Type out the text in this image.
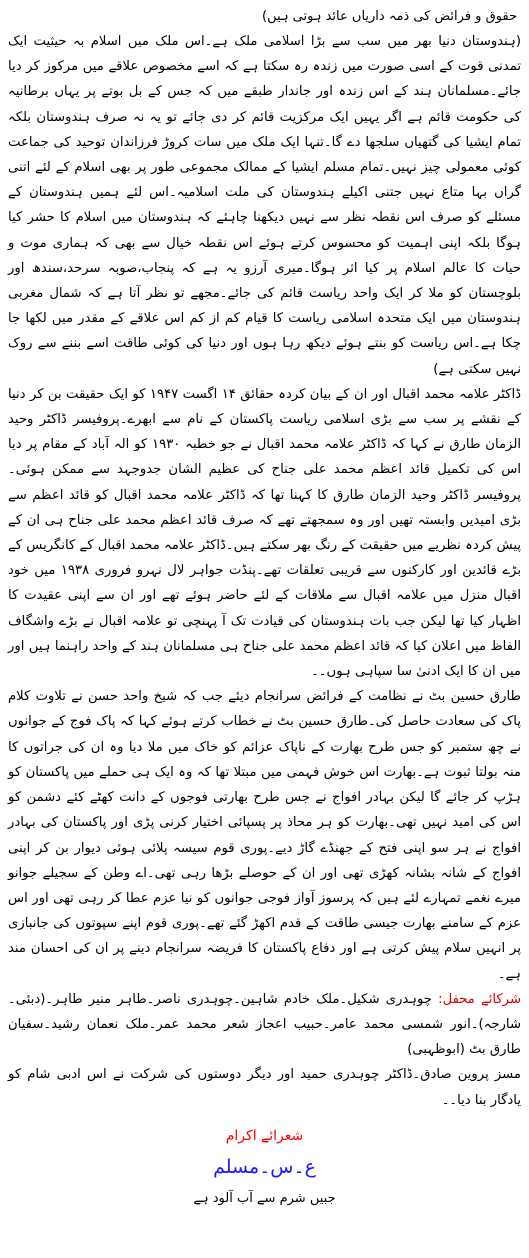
حقوق و فرائض کی ذمہ داریاں عائد ہوتی ہیں)

(ہندوستان دنیا بھر میں سب سے بڑا اسلامی ملک ہے۔اس ملک میں اسلام بہ حیثیت ایک تمدنی قوت کے اسی صورت میں زندہ رہ سکتا ہے کہ اسے مخصوص علاقے میں مرکوز کر دیا جائے۔مسلمانان ہند کے اس زندہ اور جاندار طبقے میں کہ جس کے بل بوتے پر یہاں برطانیہ کی حکومت قائم ہے اگر یہیں ایک مرکزیت قائم کر دی جائے تو یہ نہ صرف ہندوستان بلکہ تمام ایشیا کی گتھیاں سلجھا دے گا۔تنہا ایک ملک میں سات کروڑ فرزاندان توحید کی جماعت کوئی معمولی چیز نہیں۔تمام مسلم ایشیا کے ممالک مجموعی طور پر بھی اسلام کے لئے اتنی گراں بہا متاع نہیں جتنی اکیلے ہندوستان کی ملت اسلامیہ۔اس لئے ہمیں ہندوستان کے مسئلے کو صرف اس نقطہ نظر سے نہیں دیکھنا چاہئے کہ ہندوستان میں اسلام کا حشر کیا ہوگا بلکہ اپنی اہمیت کو محسوس کرتے ہوئے اس نقطہ خیال سے بھی کہ ہماری موت و حیات کا عالم اسلام پر کیا اثر ہوگا۔میری آرزو یہ ہے کہ پنجاب،صوبہ سرحد،سندھ اور بلوچستان کو ملا کر ایک واحد ریاست قائم کی جائے۔مجھے تو نظر آتا ہے کہ شمال مغربی ہندوستان میں ایک متحدہ اسلامی ریاست کا قیام کم از کم اس علاقے کے مقدر میں لکھا جا چکا ہے۔اس ریاست کو بنتے ہوئے دیکھ رہا ہوں اور دنیا کی کوئی طاقت اسے بننے سے روک نہیں سکتی ہے)

ڈاکٹر علامہ محمد اقبال اور ان کے بیان کردہ حقائق ۱۴ اگست ۱۹۴۷ کو ایک حقیقت بن کر دنیا کے نقشے پر سب سے بڑی اسلامی ریاست پاکستان کے نام سے ابھرے۔پروفیسر ڈاکٹر وحید الزمان طارق نے کہا کہ ڈاکٹر علامہ محمد اقبال نے جو خطبہ ۱۹۳۰ کو الہ آباد کے مقام پر دیا اس کی تکمیل قائد اعظم محمد علی جناح کی عظیم الشان جدوجہد سے ممکن ہوئی۔پروفیسر ڈاکٹر وحید الزمان طارق کا کہنا تھا کہ ڈاکٹر علامہ محمد اقبال کو قائد اعظم سے بڑی امیدیں وابستہ تھیں اور وہ سمجھتے تھے کہ صرف قائد اعظم محمد علی جناح ہی ان کے پیش کردہ نظریے میں حقیقت کے رنگ بھر سکتے ہیں۔ڈاکٹر علامہ محمد اقبال کے کانگریس کے بڑے قائدین اور کارکنوں سے قریبی تعلقات تھے۔پنڈت جواہر لال نہرو فروری ۱۹۳۸ میں خود اقبال منزل میں علامہ اقبال سے ملاقات کے لئے حاضر ہوئے تھے اور ان سے اپنی عقیدت کا اظہار کیا تھا لیکن جب بات ہندوستان کی قیادت تک آ پہنچی تو علامہ اقبال نے بڑے واشگاف الفاظ میں اعلان کیا کہ قائد اعظم محمد علی جناح ہی مسلمانان ہند کے واحد راہنما ہیں اور میں ان کا ایک ادنیٰ سا سپاہی ہوں۔۔

طارق حسین بٹ نے نظامت کے فرائض سرانجام دیئے جب کہ شیخ واحد حسن نے تلاوت کلام پاک کی سعادت حاصل کی۔طارق حسین بٹ نے خطاب کرتے ہوئے کہا کہ پاک فوج کے جوانوں نے چھ ستمبر کو جس طرح بھارت کے ناپاک عزائم کو خاک میں ملا دیا وہ ان کی جراتوں کا منہ بولتا ثبوت ہے۔بھارت اس خوش فہمی میں مبتلا تھا کہ وہ ایک ہی حملے میں پاکستان کو ہڑپ کر جائے گا لیکن بہادر افواج نے جس طرح بھارتی فوجوں کے دانت کھٹے کئے دشمن کو اس کی امید نہیں تھی۔بھارت کو ہر محاذ پر پسپائی اختیار کرنی پڑی اور پاکستان کی بہادر افواج نے ہر سو اپنی فتح کے جھنڈے گاڑ دیے۔پوری قوم سیسہ پلائی ہوئی دیوار بن کر اپنی افواج کے شانہ بشانہ کھڑی تھی اور ان کے حوصلے بڑھا رہی تھی۔اے وطن کے سجیلے جوانو میرے نغمے تمہارے لئے ہیں کہ پرسوز آواز فوجی جوانوں کو نیا عزم عطا کر رہی تھی اور اس عزم کے سامنے بھارت جیسی طاقت کے قدم اکھڑ گئے تھے۔پوری قوم اپنے سپوتوں کی جانبازی پر انہیں سلام پیش کرتی ہے اور دفاع پاکستان کا فریضہ سرانجام دینے پر ان کی احسان مند ہے۔

شرکائے محفل: چوہدری شکیل۔ملک خادم شاہین۔چوہدری ناصر۔طاہر منیر طاہر۔(دبئی۔شارجہ)۔انور شمسی محمد عامر۔حبیب اعجاز شعر محمد عمر۔ملک نعمان رشید۔سفیان طارق بٹ (ابوظہبی)

مسز پروین صادق۔ڈاکٹر چوہدری حمید اور دیگر دوستوں کی شرکت نے اس ادبی شام کو یادگار بنا دیا۔۔

شعرائے اکرام

ع۔س۔مسلم

جبیں شرم سے آب آلود ہے
